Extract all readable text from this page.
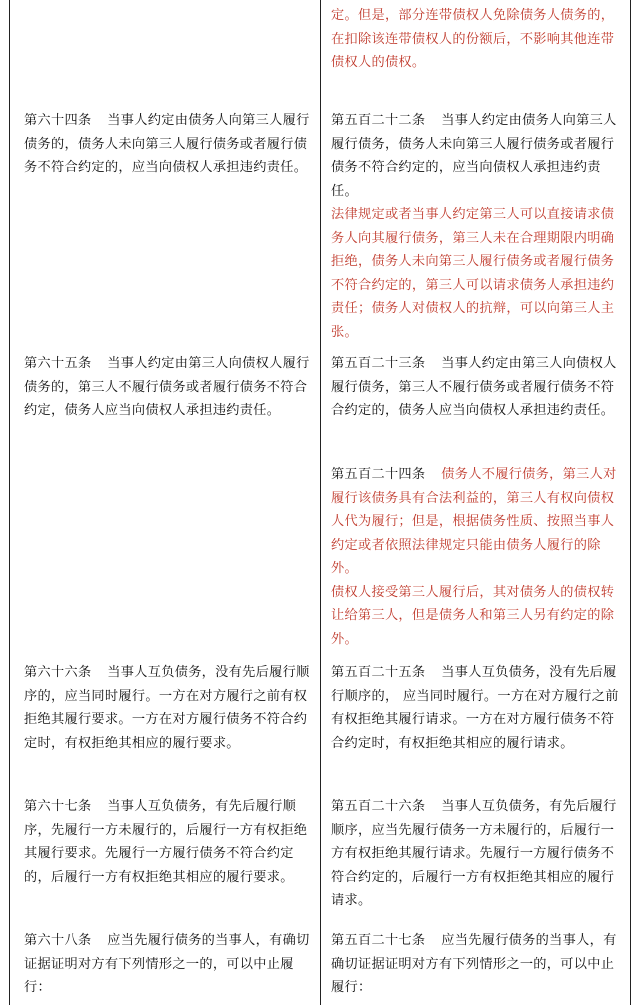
定。但是，部分连带债权人免除债务人债务的，在扣除该连带债权人的份额后，不影响其他连带债权人的债权。

第六十四条 当事人约定由债务人向第三人履行债务的，债务人未向第三人履行债务或者履行债务不符合约定的，应当向债权人承担违约责任。

第五百二十二条 当事人约定由债务人向第三人履行债务，债务人未向第三人履行债务或者履行债务不符合约定的，应当向债权人承担违约责任。

法律规定或者当事人约定第三人可以直接请求债务人向其履行债务，第三人未在合理期限内明确拒绝，债务人未向第三人履行债务或者履行债务不符合约定的，第三人可以请求债务人承担违约责任；债务人对债权人的抗辩，可以向第三人主张。

第六十五条 当事人约定由第三人向债权人履行债务的，第三人不履行债务或者履行债务不符合约定，债务人应当向债权人承担违约责任。

第五百二十三条 当事人约定由第三人向债权人履行债务，第三人不履行债务或者履行债务不符合约定的，债务人应当向债权人承担违约责任。

第五百二十四条 债务人不履行债务，第三人对履行该债务具有合法利益的，第三人有权向债权人代为履行；但是，根据债务性质、按照当事人约定或者依照法律规定只能由债务人履行的除外。

债权人接受第三人履行后，其对债务人的债权转让给第三人，但是债务人和第三人另有约定的除外。

第六十六条 当事人互负债务，没有先后履行顺序的，应当同时履行。一方在对方履行之前有权拒绝其履行要求。一方在对方履行债务不符合约定时，有权拒绝其相应的履行要求。

第五百二十五条 当事人互负债务，没有先后履行顺序的， 应当同时履行。一方在对方履行之前有权拒绝其履行请求。一方在对方履行债务不符合约定时，有权拒绝其相应的履行请求。

第六十七条 当事人互负债务，有先后履行顺序，先履行一方未履行的，后履行一方有权拒绝其履行要求。先履行一方履行债务不符合约定的，后履行一方有权拒绝其相应的履行要求。

第五百二十六条 当事人互负债务，有先后履行顺序，应当先履行债务一方未履行的，后履行一方有权拒绝其履行请求。先履行一方履行债务不符合约定的，后履行一方有权拒绝其相应的履行请求。

第六十八条 应当先履行债务的当事人，有确切证据证明对方有下列情形之一的，可以中止履行：

第五百二十七条 应当先履行债务的当事人，有确切证据证明对方有下列情形之一的，可以中止履行：
